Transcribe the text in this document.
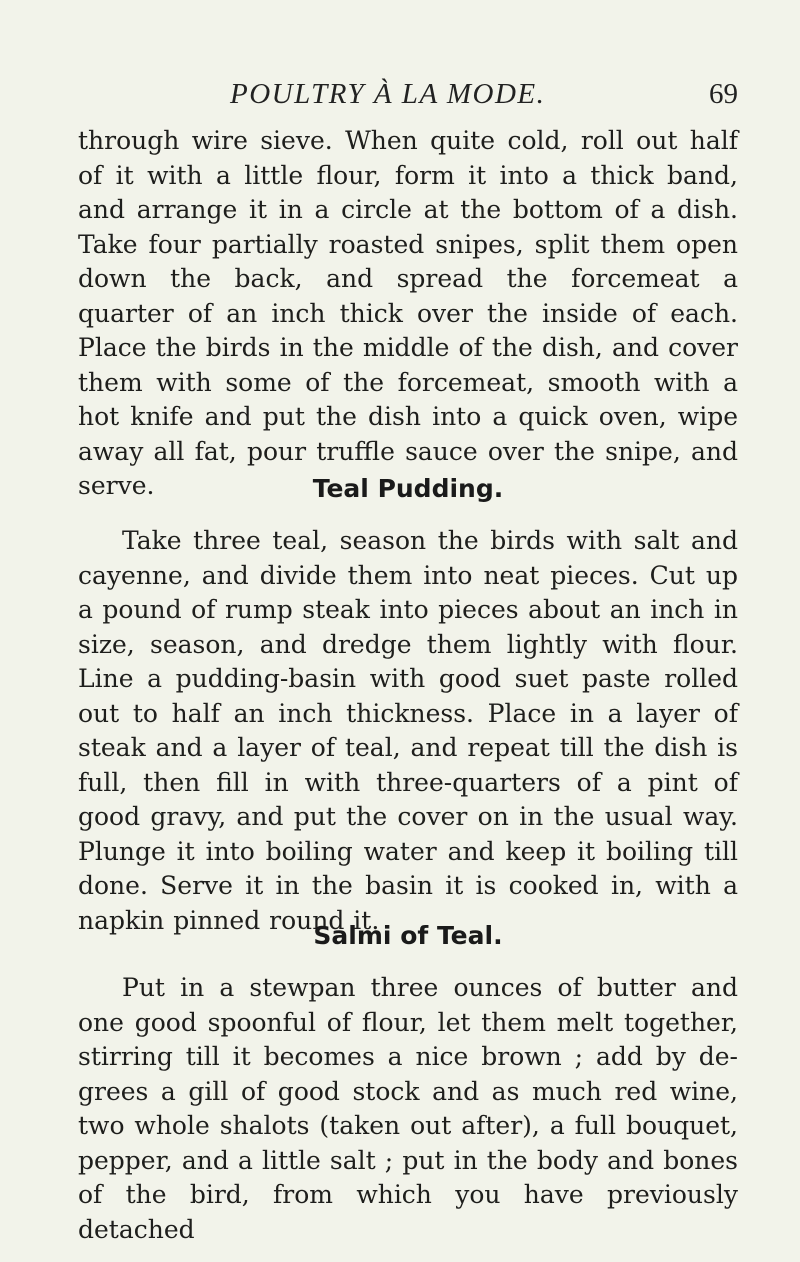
POULTRY À LA MODE.	69

through wire sieve. When quite cold, roll out half of it with a little flour, form it into a thick band, and arrange it in a circle at the bottom of a dish. Take four partially roasted snipes, split them open down the back, and spread the forcemeat a quarter of an inch thick over the inside of each. Place the birds in the middle of the dish, and cover them with some of the forcemeat, smooth with a hot knife and put the dish into a quick oven, wipe away all fat, pour truffle sauce over the snipe, and serve.	Teal Pudding.

Take three teal, season the birds with salt and cayenne, and divide them into neat pieces. Cut up a pound of rump steak into pieces about an inch in size, season, and dredge them lightly with flour. Line a pudding-basin with good suet paste rolled out to half an inch thickness. Place in a layer of steak and a layer of teal, and repeat till the dish is full, then fill in with three-quarters of a pint of good gravy, and put the cover on in the usual way. Plunge it into boiling water and keep it boiling till done. Serve it in the basin it is cooked in, with a napkin pinned round it.

Salmi of Teal.

Put in a stewpan three ounces of butter and one good spoonful of flour, let them melt together, stirring till it becomes a nice brown ; add by de-grees a gill of good stock and as much red wine, two whole shalots (taken out after), a full bouquet, pepper, and a little salt ; put in the body and bones of the bird, from which you have previously detached
